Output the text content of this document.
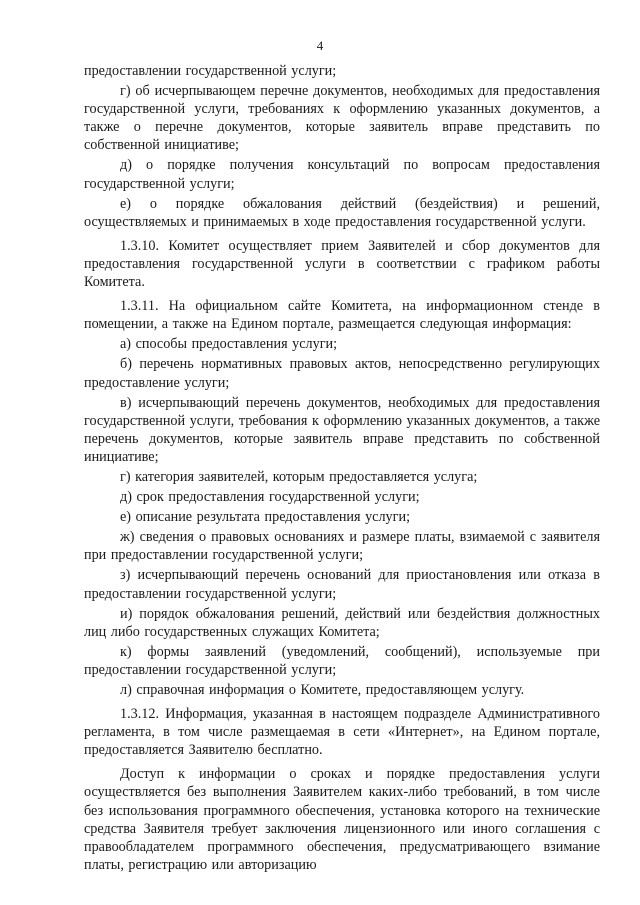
4

предоставлении государственной услуги;

г) об исчерпывающем перечне документов, необходимых для предоставления государственной услуги, требованиях к оформлению указанных документов, а также о перечне документов, которые заявитель вправе представить по собственной инициативе;

д) о порядке получения консультаций по вопросам предоставления государственной услуги;

е) о порядке обжалования действий (бездействия) и решений, осуществляемых и принимаемых в ходе предоставления государственной услуги.

1.3.10. Комитет осуществляет прием Заявителей и сбор документов для предоставления государственной услуги в соответствии с графиком работы Комитета.

1.3.11. На официальном сайте Комитета, на информационном стенде в помещении, а также на Едином портале, размещается следующая информация:

а) способы предоставления услуги;

б) перечень нормативных правовых актов, непосредственно регулирующих предоставление услуги;

в) исчерпывающий перечень документов, необходимых для предоставления государственной услуги, требования к оформлению указанных документов, а также перечень документов, которые заявитель вправе представить по собственной инициативе;

г) категория заявителей, которым предоставляется услуга;

д) срок предоставления государственной услуги;

е) описание результата предоставления услуги;

ж) сведения о правовых основаниях и размере платы, взимаемой с заявителя при предоставлении государственной услуги;

з) исчерпывающий перечень оснований для приостановления или отказа в предоставлении государственной услуги;

и) порядок обжалования решений, действий или бездействия должностных лиц либо государственных служащих Комитета;

к) формы заявлений (уведомлений, сообщений), используемые при предоставлении государственной услуги;

л) справочная информация о Комитете, предоставляющем услугу.

1.3.12. Информация, указанная в настоящем подразделе Административного регламента, в том числе размещаемая в сети «Интернет», на Едином портале, предоставляется Заявителю бесплатно.

Доступ к информации о сроках и порядке предоставления услуги осуществляется без выполнения Заявителем каких-либо требований, в том числе без использования программного обеспечения, установка которого на технические средства Заявителя требует заключения лицензионного или иного соглашения с правообладателем программного обеспечения, предусматривающего взимание платы, регистрацию или авторизацию
